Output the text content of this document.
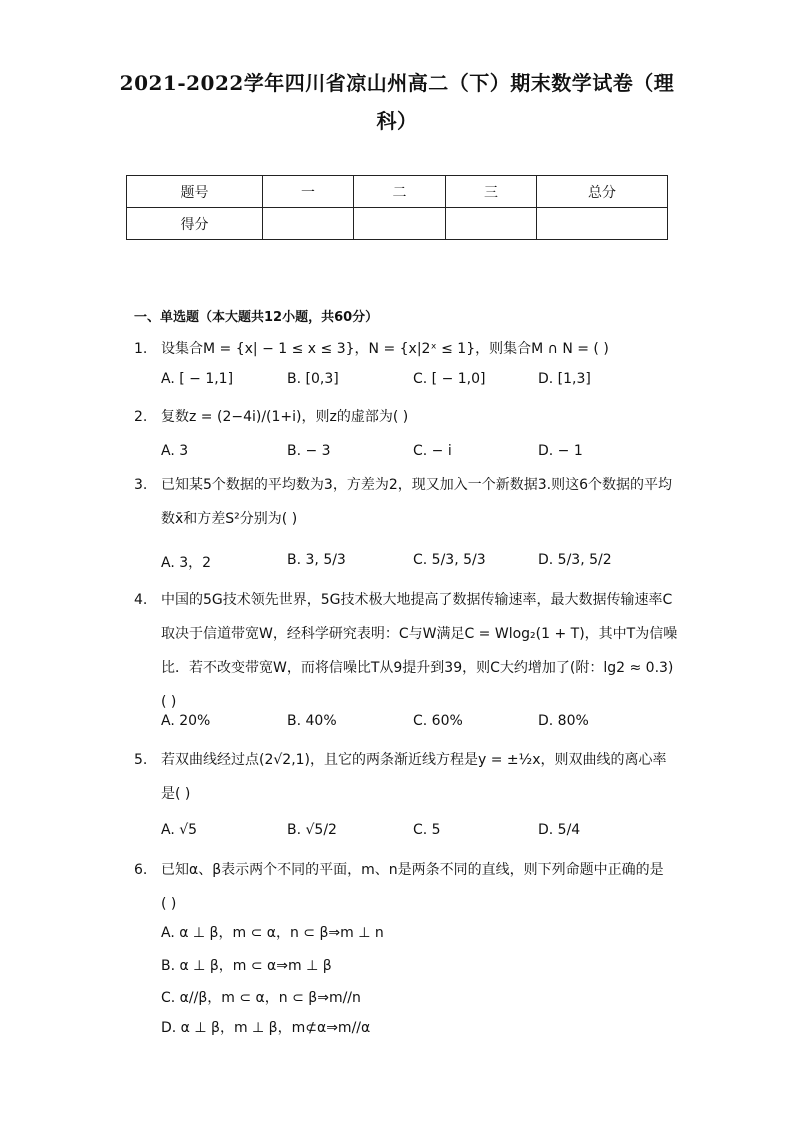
2021-2022学年四川省凉山州高二（下）期末数学试卷（理
科）
题号	一	二	三	总分
得分				
一、单选题（本大题共12小题，共60分）
1. 设集合M = {x| − 1 ≤ x ≤ 3}，N = {x|2ˣ ≤ 1}，则集合M ∩ N = ( )
A. [ − 1,1]	B. [0,3]	C. [ − 1,0]	D. [1,3]
2. 复数z = (2−4i)/(1+i)，则z的虚部为( )
A. 3	B. − 3	C. − i	D. − 1
3. 已知某5个数据的平均数为3，方差为2，现又加入一个新数据3.则这6个数据的平均
数x̄和方差S²分别为( )
A. 3，2	B. 3, 5/3	C. 5/3, 5/3	D. 5/3, 5/2
4. 中国的5G技术领先世界，5G技术极大地提高了数据传输速率，最大数据传输速率C
取决于信道带宽W，经科学研究表明：C与W满足C = Wlog₂(1 + T)，其中T为信噪
比．若不改变带宽W，而将信噪比T从9提升到39，则C大约增加了(附：lg2 ≈ 0.3)
( )
A. 20%	B. 40%	C. 60%	D. 80%
5. 若双曲线经过点(2√2,1)，且它的两条渐近线方程是y = ±½x，则双曲线的离心率
是( )
A. √5	B. √5/2	C. 5	D. 5/4
6. 已知α、β表示两个不同的平面，m、n是两条不同的直线，则下列命题中正确的是
( )
A. α ⊥ β，m ⊂ α，n ⊂ β⇒m ⊥ n
B. α ⊥ β，m ⊂ α⇒m ⊥ β
C. α//β，m ⊂ α，n ⊂ β⇒m//n
D. α ⊥ β，m ⊥ β，m⊄α⇒m//α
